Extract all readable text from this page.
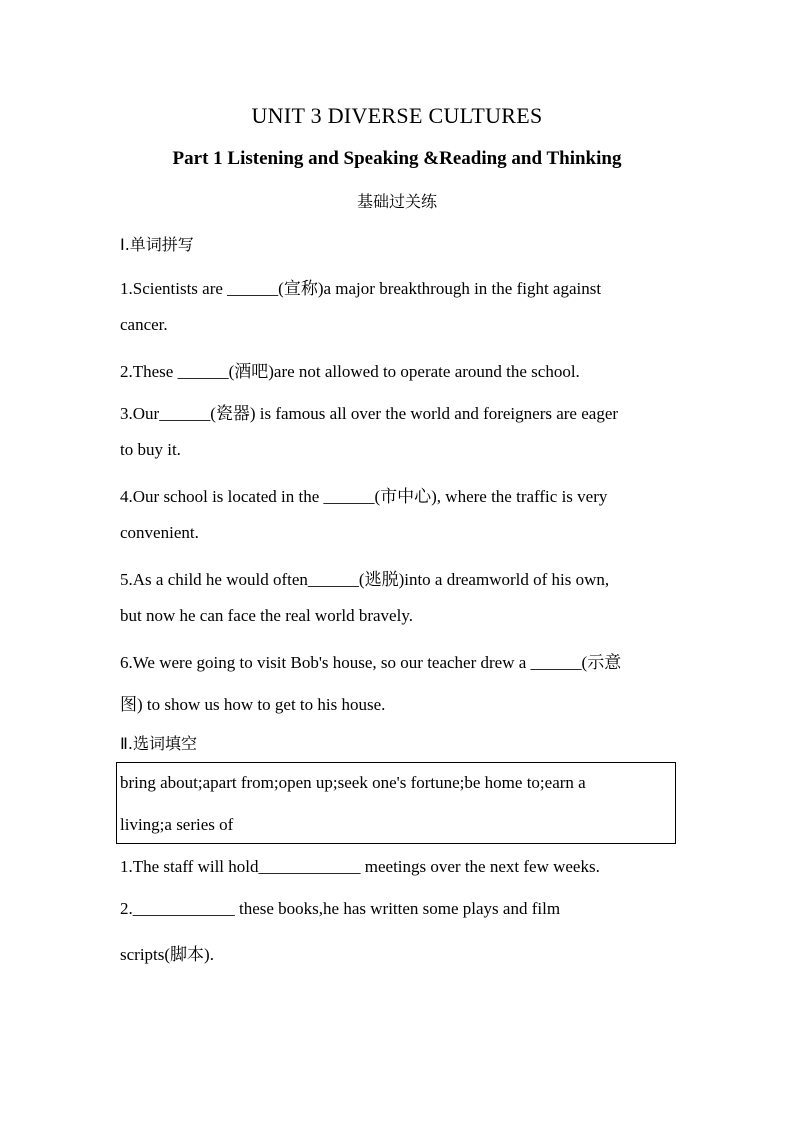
UNIT 3 DIVERSE CULTURES
Part 1 Listening and Speaking &Reading and Thinking
基础过关练
Ⅰ.单词拼写
1.Scientists are ______(宣称)a major breakthrough in the fight against
cancer.
2.These ______(酒吧)are not allowed to operate around the school.
3.Our______(瓷器) is famous all over the world and foreigners are eager
to buy it.
4.Our school is located in the ______(市中心), where the traffic is very
convenient.
5.As a child he would often______(逃脱)into a dreamworld of his own,
but now he can face the real world bravely.
6.We were going to visit Bob's house, so our teacher drew a ______(示意
图) to show us how to get to his house.
Ⅱ.选词填空
bring about;apart from;open up;seek one's fortune;be home to;earn a
living;a series of
1.The staff will hold____________ meetings over the next few weeks.
2.____________ these books,he has written some plays and film
scripts(脚本).
